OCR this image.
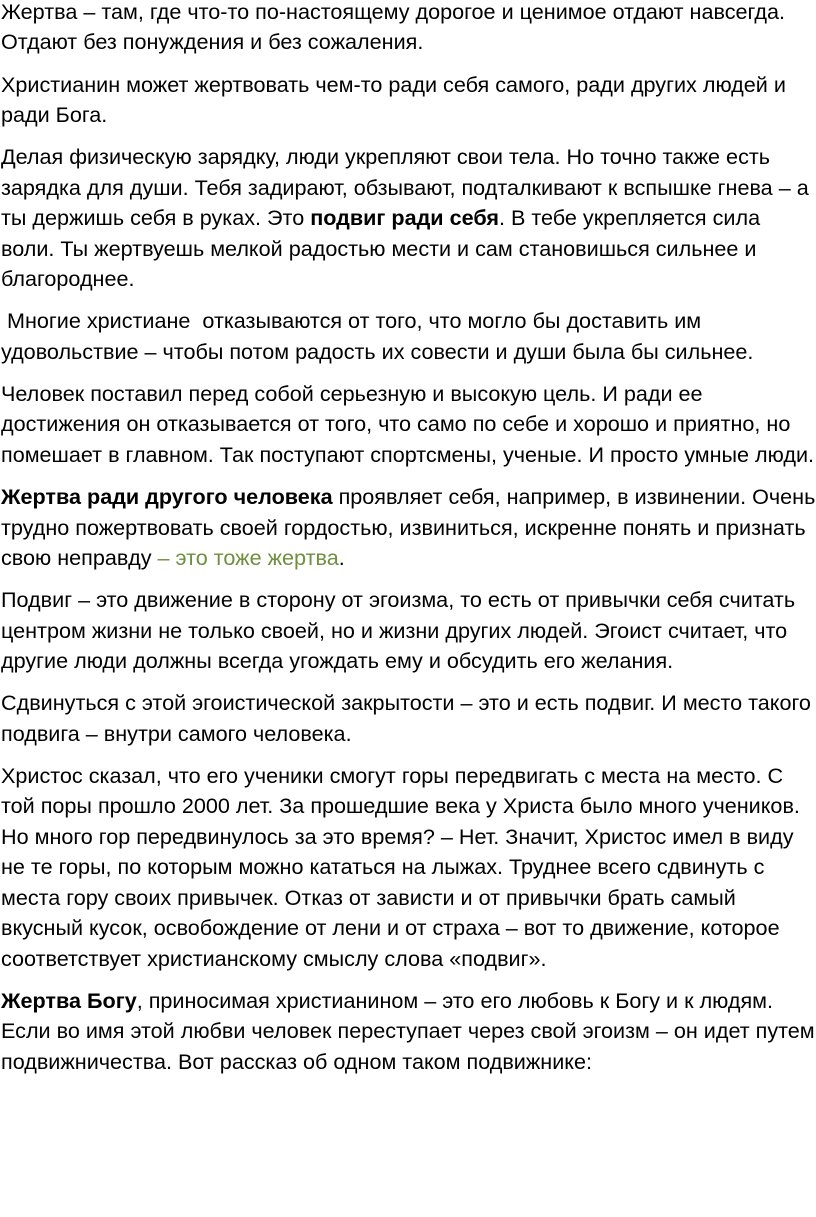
Жертва – там, где что-то по-настоящему дорогое и ценимое отдают навсегда. Отдают без понуждения и без сожаления.

Христианин может жертвовать чем-то ради себя самого, ради других людей и ради Бога.

Делая физическую зарядку, люди укрепляют свои тела. Но точно также есть зарядка для души. Тебя задирают, обзывают, подталкивают к вспышке гнева – а ты держишь себя в руках. Это подвиг ради себя. В тебе укрепляется сила воли. Ты жертвуешь мелкой радостью мести и сам становишься сильнее и благороднее.

Многие христиане  отказываются от того, что могло бы доставить им удовольствие – чтобы потом радость их совести и души была бы сильнее.

Человек поставил перед собой серьезную и высокую цель. И ради ее достижения он отказывается от того, что само по себе и хорошо и приятно, но помешает в главном. Так поступают спортсмены, ученые. И просто умные люди.

Жертва ради другого человека проявляет себя, например, в извинении. Очень трудно пожертвовать своей гордостью, извиниться, искренне понять и признать свою неправду – это тоже жертва.

Подвиг – это движение в сторону от эгоизма, то есть от привычки себя считать центром жизни не только своей, но и жизни других людей. Эгоист считает, что другие люди должны всегда угождать ему и обсудить его желания.

Сдвинуться с этой эгоистической закрытости – это и есть подвиг. И место такого подвига – внутри самого человека.

Христос сказал, что его ученики смогут горы передвигать с места на место. С той поры прошло 2000 лет. За прошедшие века у Христа было много учеников. Но много гор передвинулось за это время? – Нет. Значит, Христос имел в виду не те горы, по которым можно кататься на лыжах. Труднее всего сдвинуть с места гору своих привычек. Отказ от зависти и от привычки брать самый вкусный кусок, освобождение от лени и от страха – вот то движение, которое соответствует христианскому смыслу слова «подвиг».

Жертва Богу, приносимая христианином – это его любовь к Богу и к людям. Если во имя этой любви человек переступает через свой эгоизм – он идет путем подвижничества. Вот рассказ об одном таком подвижнике:
